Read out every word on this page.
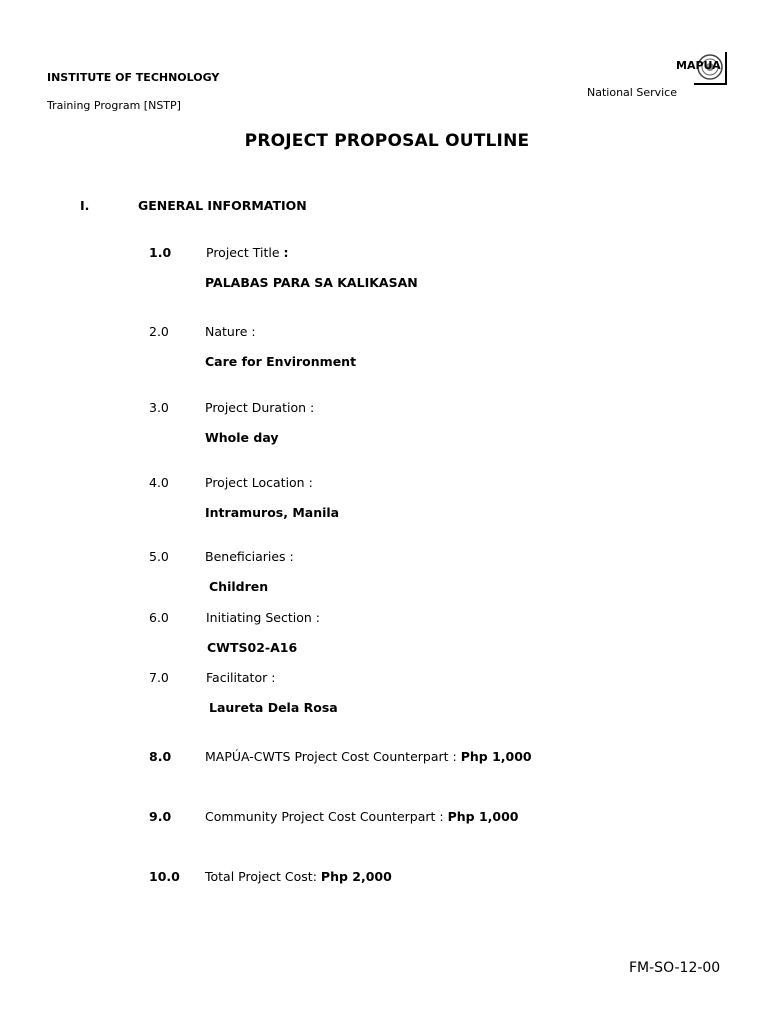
INSTITUTE OF TECHNOLOGY
Training Program [NSTP]
MAPUA
National Service
PROJECT PROPOSAL OUTLINE
I.	GENERAL INFORMATION
1.0	Project Title :
PALABAS PARA SA KALIKASAN
2.0	Nature :
Care for Environment
3.0	Project Duration :
Whole day
4.0	Project Location :
Intramuros, Manila
5.0	Beneficiaries :
Children
6.0	Initiating Section :
CWTS02-A16
7.0	Facilitator :
Laureta Dela Rosa
8.0	MAPÚA-CWTS Project Cost Counterpart : Php 1,000
9.0	Community Project Cost Counterpart : Php 1,000
10.0 Total Project Cost: Php 2,000
FM-SO-12-00
